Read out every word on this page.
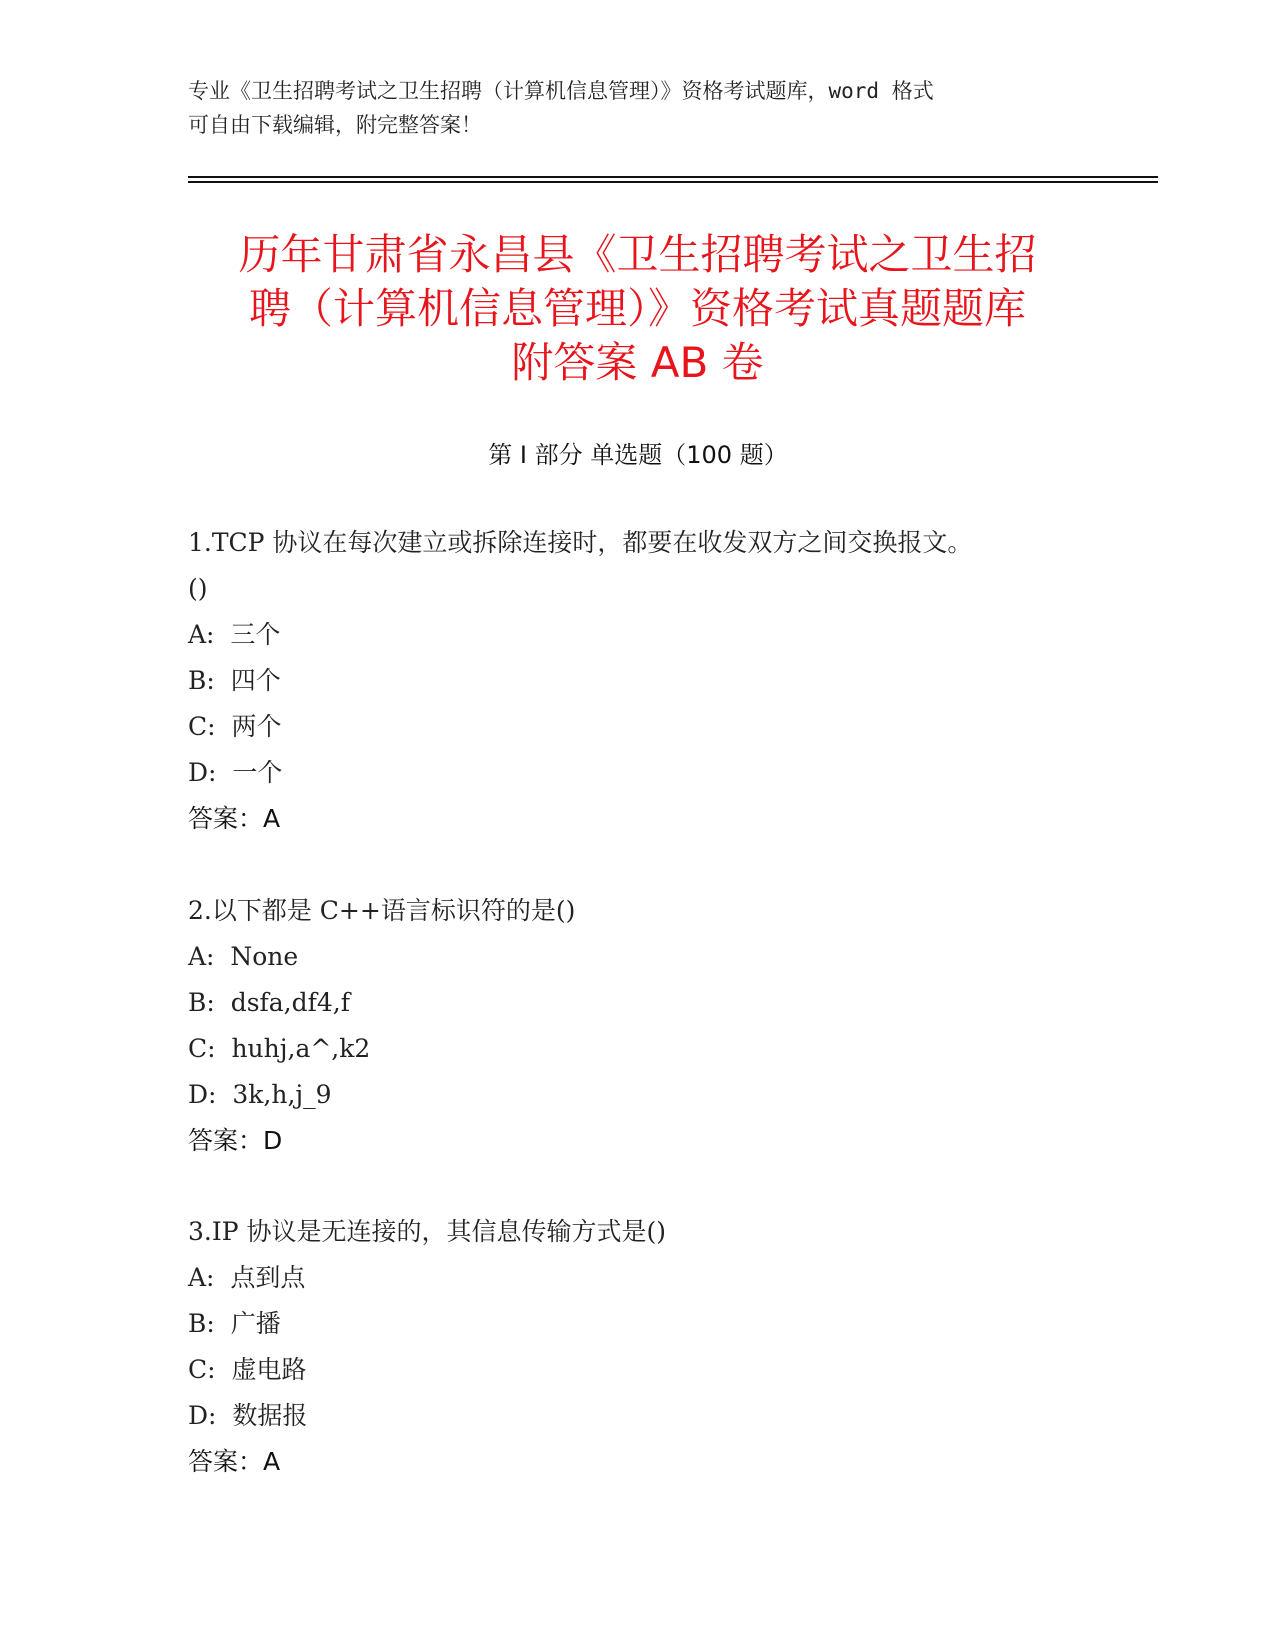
专业《卫生招聘考试之卫生招聘（计算机信息管理）》资格考试题库，word 格式
可自由下载编辑，附完整答案！
历年甘肃省永昌县《卫生招聘考试之卫生招
聘（计算机信息管理）》资格考试真题题库
附答案 AB 卷
第 I 部分 单选题（100 题）

1.TCP 协议在每次建立或拆除连接时，都要在收发双方之间交换报文。

()

A:  三个

B:  四个

C:  两个

D:  一个

答案：A

2.以下都是 C++语言标识符的是()

A:  None

B:  dsfa,df4,f

C:  huhj,a^,k2

D:  3k,h,j_9

答案：D

3.IP 协议是无连接的，其信息传输方式是()

A:  点到点

B:  广播

C:  虚电路

D:  数据报

答案：A
